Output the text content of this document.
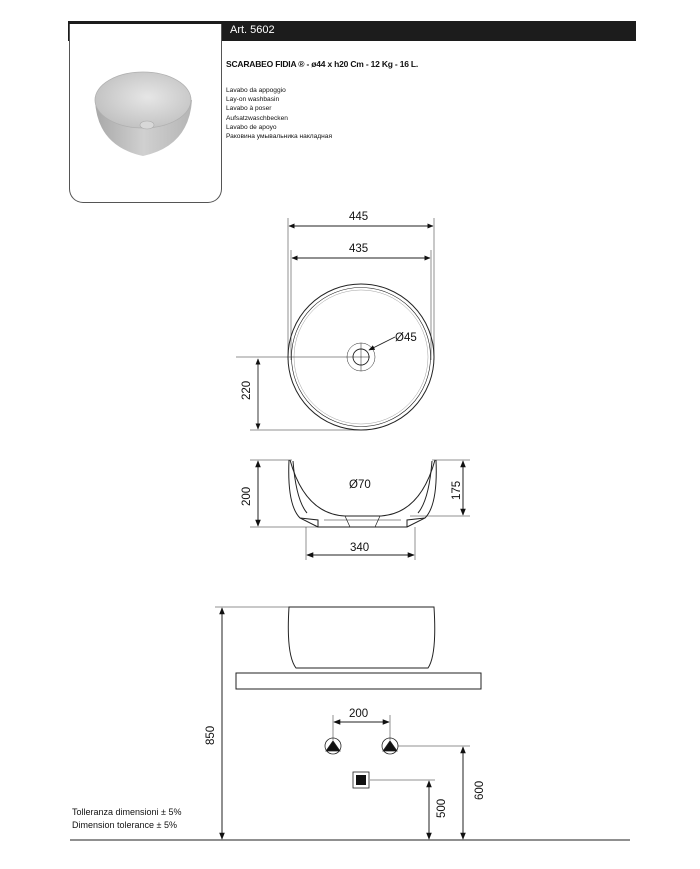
Art. 5602
SCARABEO FIDIA ® - ø44 x h20 Cm - 12 Kg - 16 L.
Lavabo da appoggio
Lay-on washbasin
Lavabo à poser
Aufsatzwaschbecken
Lavabo de apoyo
Раковина умывальника накладная
445
435
Ø45
220
Ø70
200	175
340
200
850
500
600
Tolleranza dimensioni ± 5%
Dimension tolerance ± 5%
